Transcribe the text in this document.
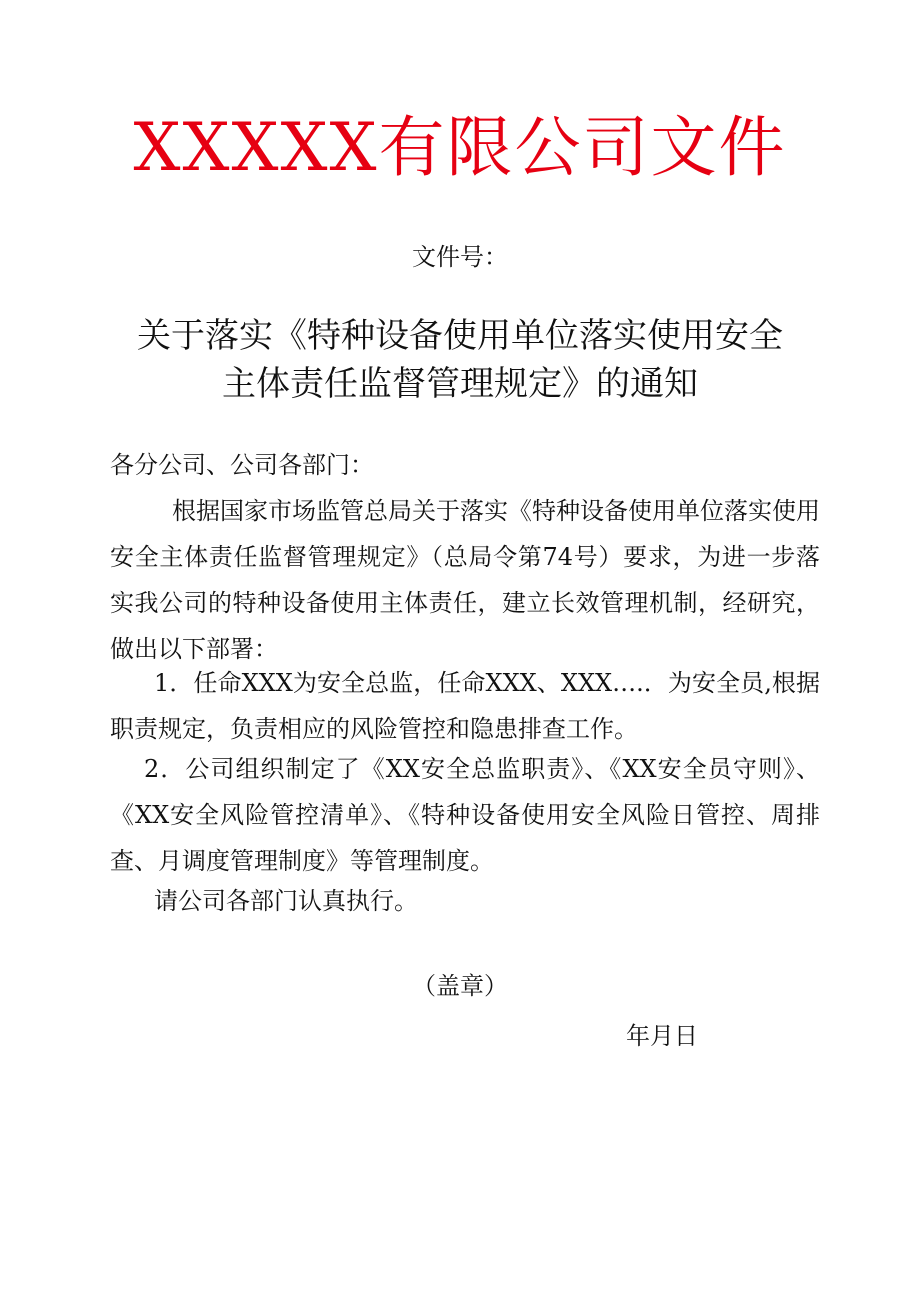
XXXXX有限公司文件
文件号：
关于落实《特种设备使用单位落实使用安全
主体责任监督管理规定》的通知
各分公司、公司各部门：
根据国家市场监管总局关于落实《特种设备使用单位落实使用安全主体责任监督管理规定》（总局令第74号）要求，为进一步落实我公司的特种设备使用主体责任，建立长效管理机制，经研究，做出以下部署：
1．任命XXX为安全总监，任命XXX、XXX….．为安全员,根据职责规定，负责相应的风险管控和隐患排查工作。
2．公司组织制定了《XX安全总监职责》、《XX安全员守则》、《XX安全风险管控清单》、《特种设备使用安全风险日管控、周排查、月调度管理制度》等管理制度。
请公司各部门认真执行。
（盖章）
年月日
